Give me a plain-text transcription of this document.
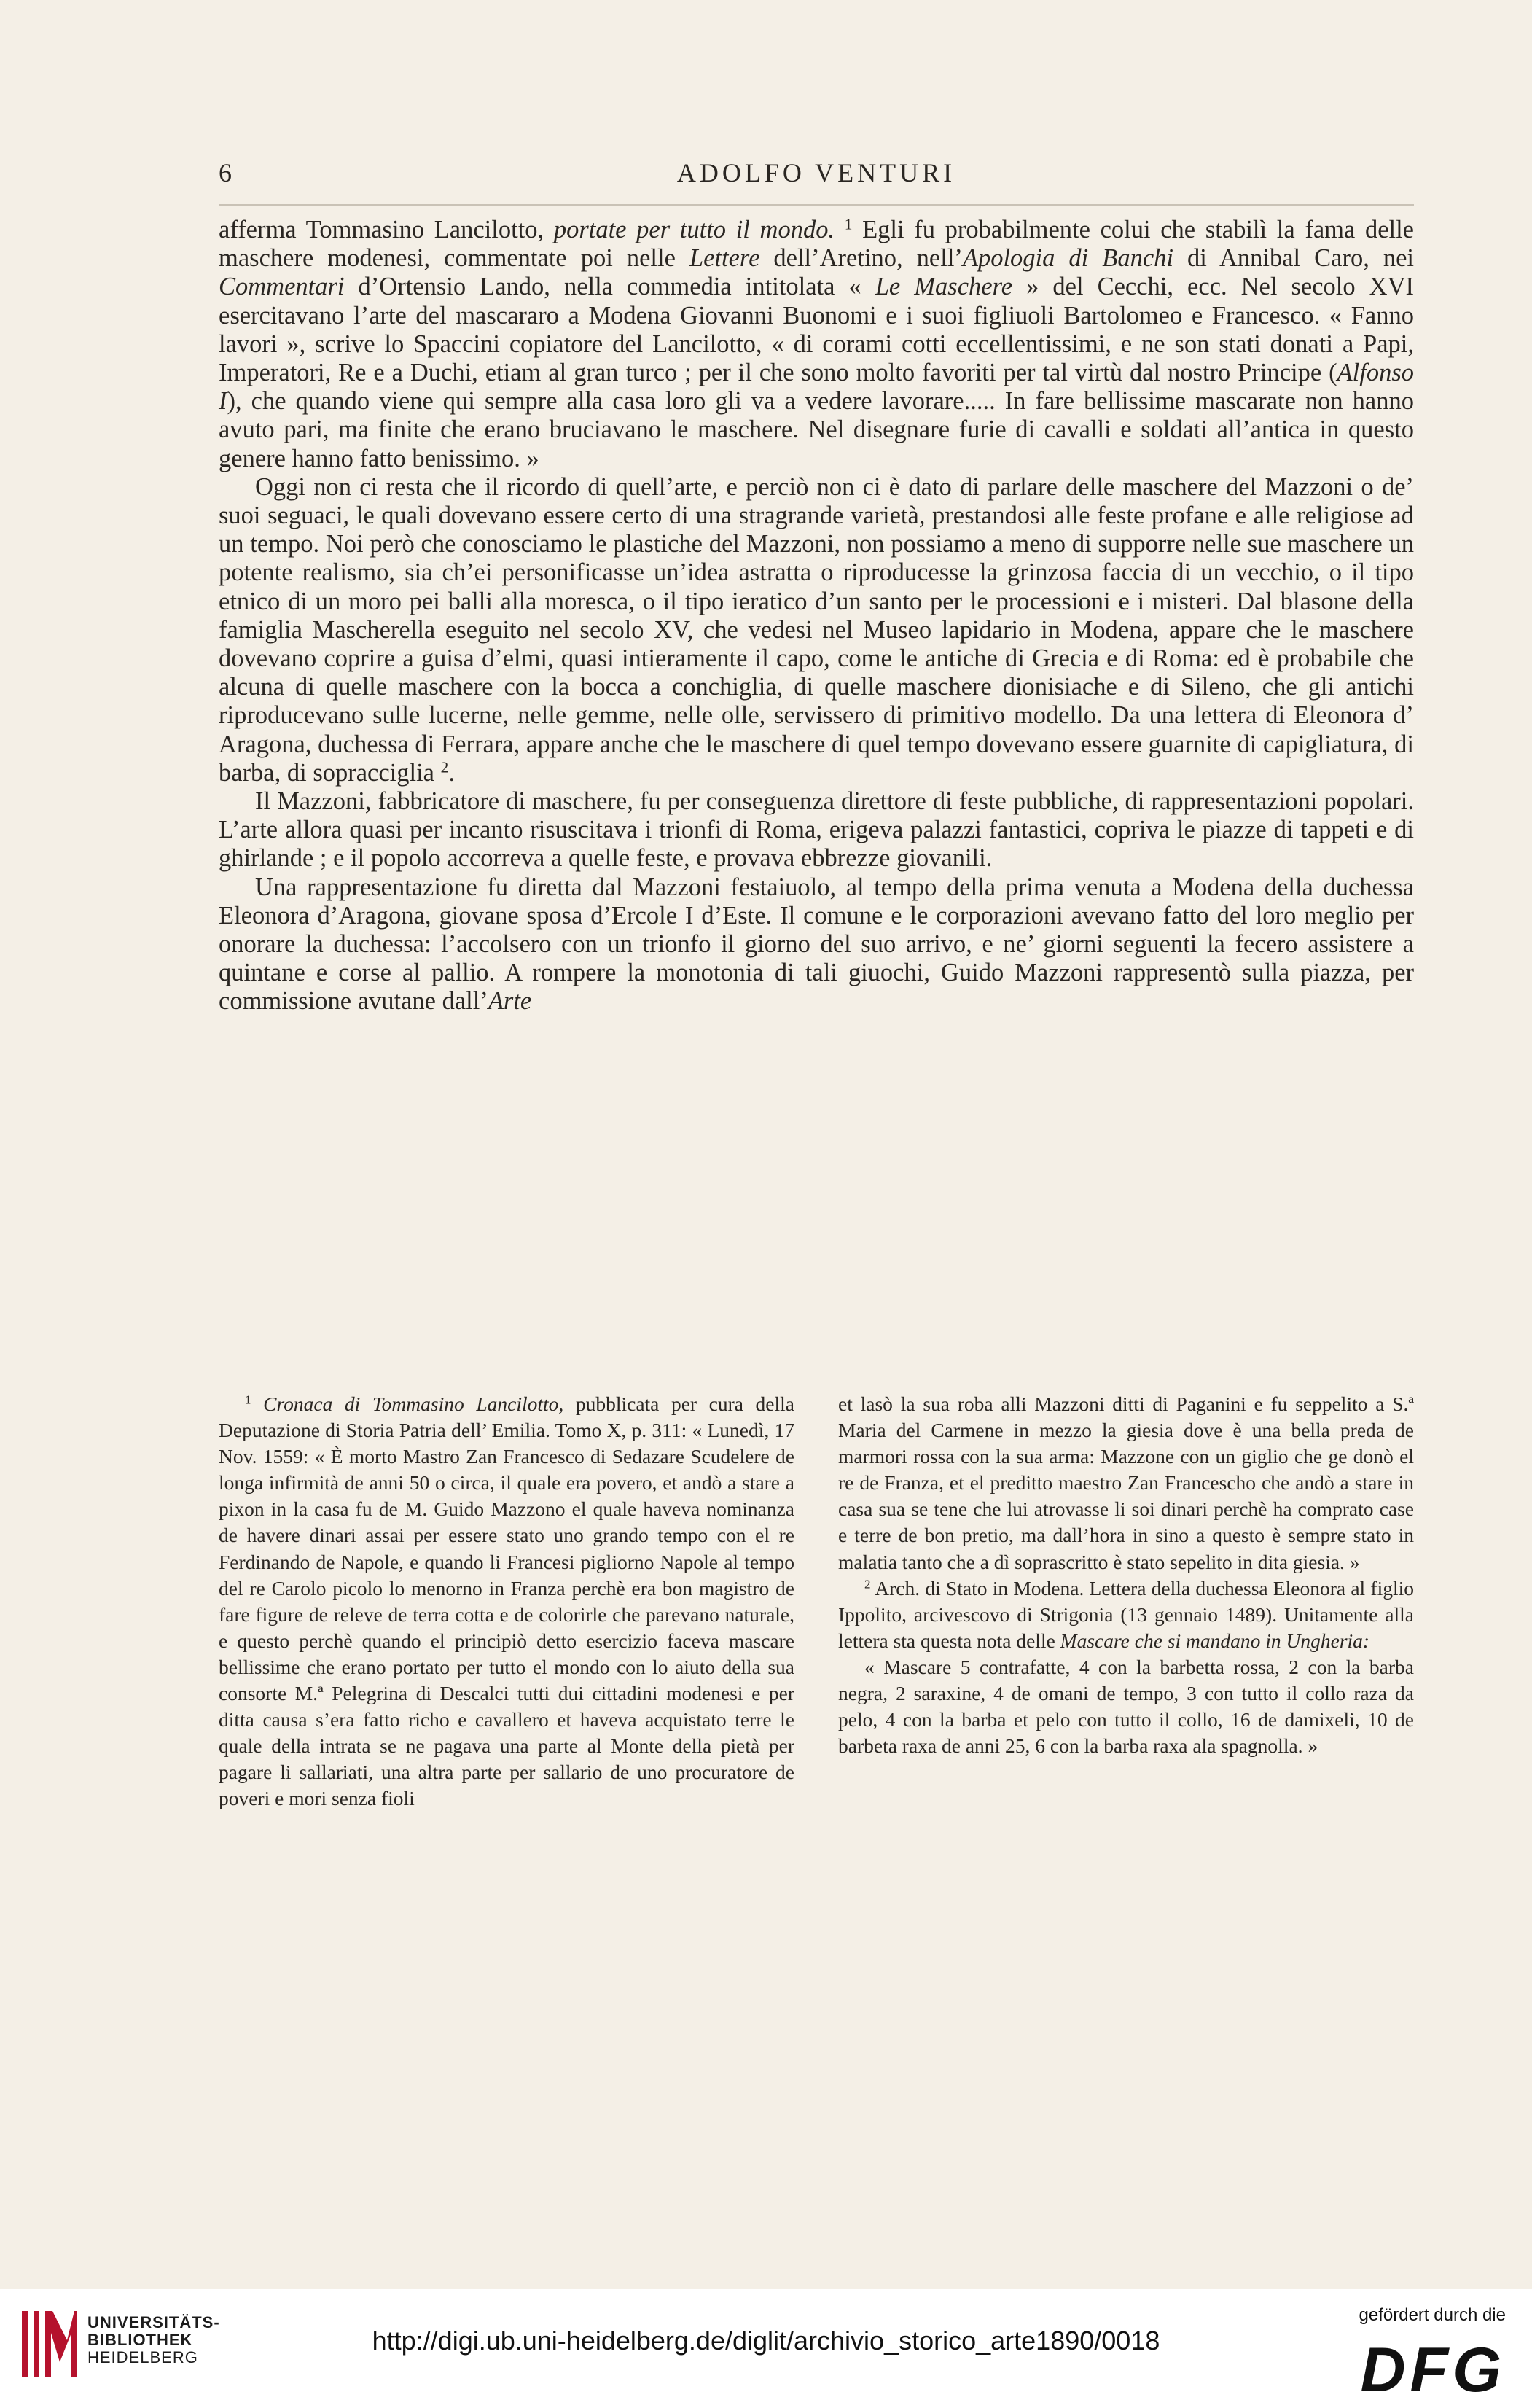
6	ADOLFO VENTURI

afferma Tommasino Lancilotto, portate per tutto il mondo. $^1$ Egli fu probabilmente colui che stabilì la fama delle maschere modenesi, commentate poi nelle Lettere dell’Aretino, nell’Apologia di Banchi di Annibal Caro, nei Commentari d’Ortensio Lando, nella commedia intitolata « Le Maschere » del Cecchi, ecc. Nel secolo XVI esercitavano l’arte del mascararo a Modena Giovanni Buonomi e i suoi figliuoli Bartolomeo e Francesco. « Fanno lavori », scrive lo Spaccini copiatore del Lancilotto, « di corami cotti eccellentissimi, e ne son stati donati a Papi, Imperatori, Re e a Duchi, etiam al gran turco ; per il che sono molto favoriti per tal virtù dal nostro Principe (Alfonso I), che quando viene qui sempre alla casa loro gli va a vedere lavorare..... In fare bellissime mascarate non hanno avuto pari, ma finite che erano bruciavano le maschere. Nel disegnare furie di cavalli e soldati all’antica in questo genere hanno fatto benissimo. »

Oggi non ci resta che il ricordo di quell’arte, e perciò non ci è dato di parlare delle maschere del Mazzoni o de’ suoi seguaci, le quali dovevano essere certo di una stragrande varietà, prestandosi alle feste profane e alle religiose ad un tempo. Noi però che conosciamo le plastiche del Mazzoni, non possiamo a meno di supporre nelle sue maschere un potente realismo, sia ch’ei personificasse un’idea astratta o riproducesse la grinzosa faccia di un vecchio, o il tipo etnico di un moro pei balli alla moresca, o il tipo ieratico d’un santo per le processioni e i misteri. Dal blasone della famiglia Mascherella eseguito nel secolo XV, che vedesi nel Museo lapidario in Modena, appare che le maschere dovevano coprire a guisa d’elmi, quasi intieramente il capo, come le antiche di Grecia e di Roma: ed è probabile che alcuna di quelle maschere con la bocca a conchiglia, di quelle maschere dionisiache e di Sileno, che gli antichi riproducevano sulle lucerne, nelle gemme, nelle olle, servissero di primitivo modello. Da una lettera di Eleonora d’ Aragona, duchessa di Ferrara, appare anche che le maschere di quel tempo dovevano essere guarnite di capigliatura, di barba, di sopracciglia $^2$.

Il Mazzoni, fabbricatore di maschere, fu per conseguenza direttore di feste pubbliche, di rappresentazioni popolari. L’arte allora quasi per incanto risuscitava i trionfi di Roma, erigeva palazzi fantastici, copriva le piazze di tappeti e di ghirlande ; e il popolo accorreva a quelle feste, e provava ebbrezze giovanili.

Una rappresentazione fu diretta dal Mazzoni festaiuolo, al tempo della prima venuta a Modena della duchessa Eleonora d’Aragona, giovane sposa d’Ercole I d’Este. Il comune e le corporazioni avevano fatto del loro meglio per onorare la duchessa: l’accolsero con un trionfo il giorno del suo arrivo, e ne’ giorni seguenti la fecero assistere a quintane e corse al pallio. A rompere la monotonia di tali giuochi, Guido Mazzoni rappresentò sulla piazza, per commissione avutane dall’Arte

$^1$ Cronaca di Tommasino Lancilotto, pubblicata per cura della Deputazione di Storia Patria dell’ Emilia. Tomo X, p. 311: « Lunedì, 17 Nov. 1559: « È morto Mastro Zan Francesco di Sedazare Scudelere de longa infirmità de anni 50 o circa, il quale era povero, et andò a stare a pixon in la casa fu de M. Guido Mazzono el quale haveva nominanza de havere dinari assai per essere stato uno grando tempo con el re Ferdinando de Napole, e quando li Francesi pigliorno Napole al tempo del re Carolo picolo lo menorno in Franza perchè era bon magistro de fare figure de releve de terra cotta e de colorirle che parevano naturale, e questo perchè quando el principiò detto esercizio faceva mascare bellissime che erano portato per tutto el mondo con lo aiuto della sua consorte M.ª Pelegrina di Descalci tutti dui cittadini modenesi e per ditta causa s’era fatto richo e cavallero et haveva acquistato terre le quale della intrata se ne pagava una parte al Monte della pietà per pagare li sallariati, una altra parte per sallario de uno procuratore de poveri e mori senza fioli

et lasò la sua roba alli Mazzoni ditti di Paganini e fu seppelito a S.ª Maria del Carmene in mezzo la giesia dove è una bella preda de marmori rossa con la sua arma: Mazzone con un giglio che ge donò el re de Franza, et el preditto maestro Zan Francescho che andò a stare in casa sua se tene che lui atrovasse li soi dinari perchè ha comprato case e terre de bon pretio, ma dall’hora in sino a questo è sempre stato in malatia tanto che a dì soprascritto è stato sepelito in dita giesia. »

$^2$ Arch. di Stato in Modena. Lettera della duchessa Eleonora al figlio Ippolito, arcivescovo di Strigonia (13 gennaio 1489). Unitamente alla lettera sta questa nota delle Mascare che si mandano in Ungheria:

« Mascare 5 contrafatte, 4 con la barbetta rossa, 2 con la barba negra, 2 saraxine, 4 de omani de tempo, 3 con tutto il collo raza da pelo, 4 con la barba et pelo con tutto il collo, 16 de damixeli, 10 de barbeta raxa de anni 25, 6 con la barba raxa ala spagnolla. »

UNIVERSITÄTS-
BIBLIOTHEK
HEIDELBERG
http://digi.ub.uni-heidelberg.de/diglit/archivio_storico_arte1890/0018
gefördert durch die
DFG
